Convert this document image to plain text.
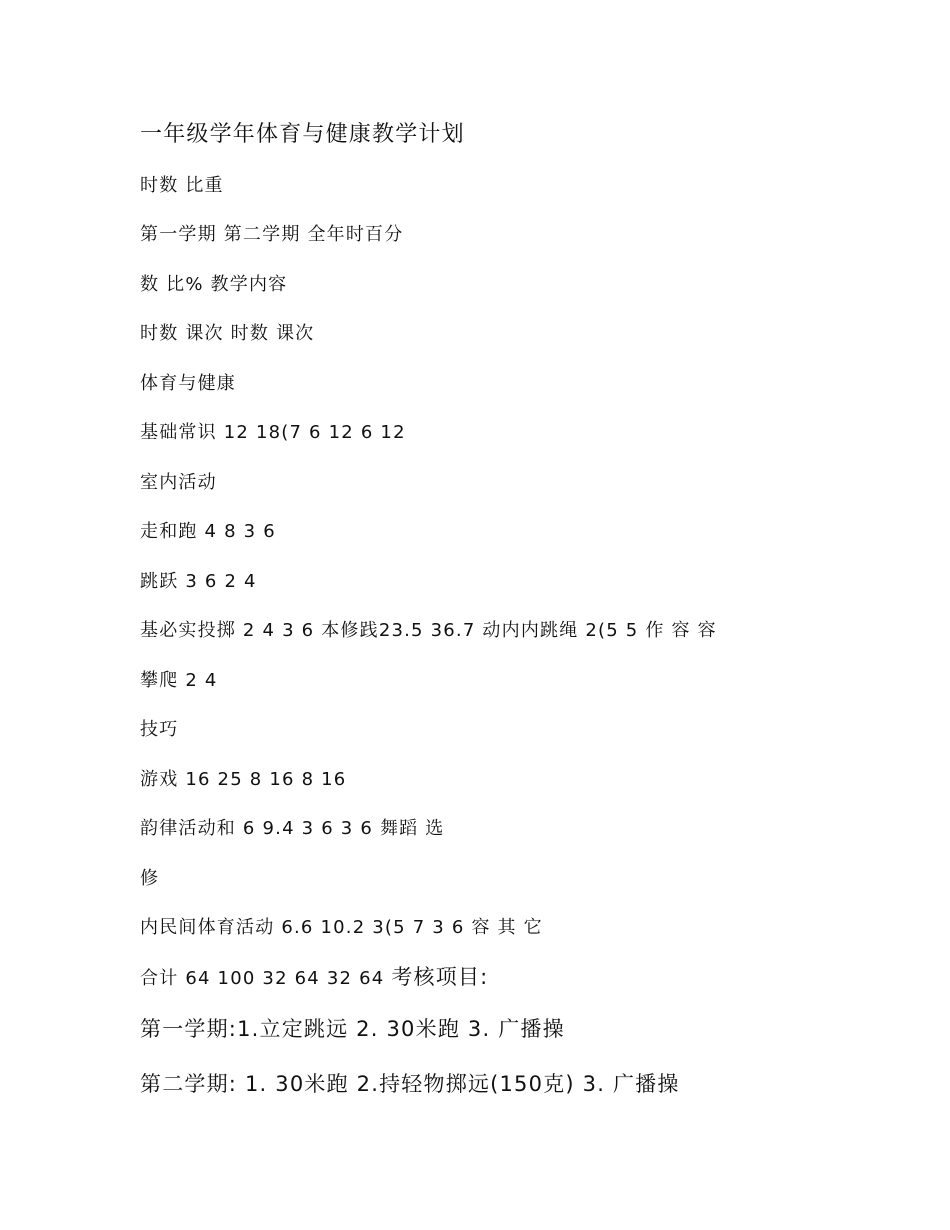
一年级学年体育与健康教学计划
时数 比重
第一学期 第二学期 全年时百分
数 比% 教学内容
时数 课次 时数 课次
体育与健康
基础常识 12 18(7 6 12 6 12
室内活动
走和跑 4 8 3 6
跳跃 3 6 2 4
基必实投掷 2 4 3 6 本修践23.5 36.7 动内内跳绳 2(5 5 作 容 容
攀爬 2 4
技巧
游戏 16 25 8 16 8 16
韵律活动和 6 9.4 3 6 3 6 舞蹈 选
修
内民间体育活动 6.6 10.2 3(5 7 3 6 容 其 它
合计 64 100 32 64 32 64 考核项目:
第一学期:1.立定跳远 2. 30米跑 3. 广播操
第二学期: 1. 30米跑 2.持轻物掷远(150克) 3. 广播操
